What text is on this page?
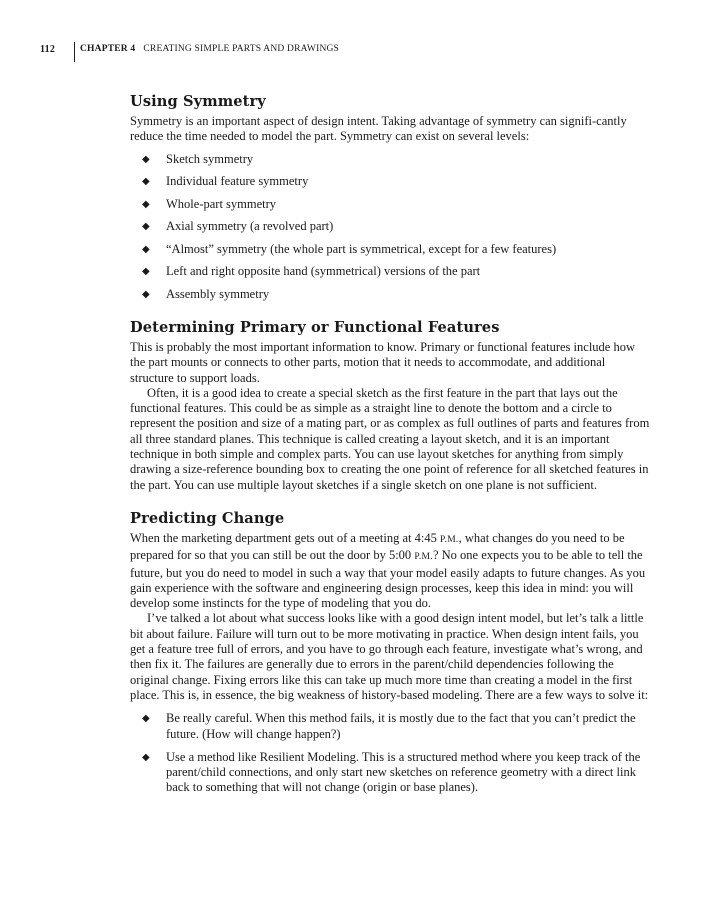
112	CHAPTER 4 CREATING SIMPLE PARTS AND DRAWINGS
Using Symmetry

Symmetry is an important aspect of design intent. Taking advantage of symmetry can signifi-cantly reduce the time needed to model the part. Symmetry can exist on several levels:

◆ Sketch symmetry
◆ Individual feature symmetry
◆ Whole-part symmetry
◆ Axial symmetry (a revolved part)
◆ “Almost” symmetry (the whole part is symmetrical, except for a few features)
◆ Left and right opposite hand (symmetrical) versions of the part
◆ Assembly symmetry
Determining Primary or Functional Features

This is probably the most important information to know. Primary or functional features include how the part mounts or connects to other parts, motion that it needs to accommodate, and additional structure to support loads.

Often, it is a good idea to create a special sketch as the first feature in the part that lays out the functional features. This could be as simple as a straight line to denote the bottom and a circle to represent the position and size of a mating part, or as complex as full outlines of parts and features from all three standard planes. This technique is called creating a layout sketch, and it is an important technique in both simple and complex parts. You can use layout sketches for anything from simply drawing a size-reference bounding box to creating the one point of reference for all sketched features in the part. You can use multiple layout sketches if a single sketch on one plane is not sufficient.

Predicting Change

When the marketing department gets out of a meeting at 4:45 P.M., what changes do you need to be prepared for so that you can still be out the door by 5:00 P.M.? No one expects you to be able to tell the future, but you do need to model in such a way that your model easily adapts to future changes. As you gain experience with the software and engineering design processes, keep this idea in mind: you will develop some instincts for the type of modeling that you do.

I’ve talked a lot about what success looks like with a good design intent model, but let’s talk a little bit about failure. Failure will turn out to be more motivating in practice. When design intent fails, you get a feature tree full of errors, and you have to go through each feature, investigate what’s wrong, and then fix it. The failures are generally due to errors in the parent/child dependencies following the original change. Fixing errors like this can take up much more time than creating a model in the first place. This is, in essence, the big weakness of history-based modeling. There are a few ways to solve it:

◆ Be really careful. When this method fails, it is mostly due to the fact that you can’t predict the future. (How will change happen?)
◆ Use a method like Resilient Modeling. This is a structured method where you keep track of the parent/child connections, and only start new sketches on reference geometry with a direct link back to something that will not change (origin or base planes).
